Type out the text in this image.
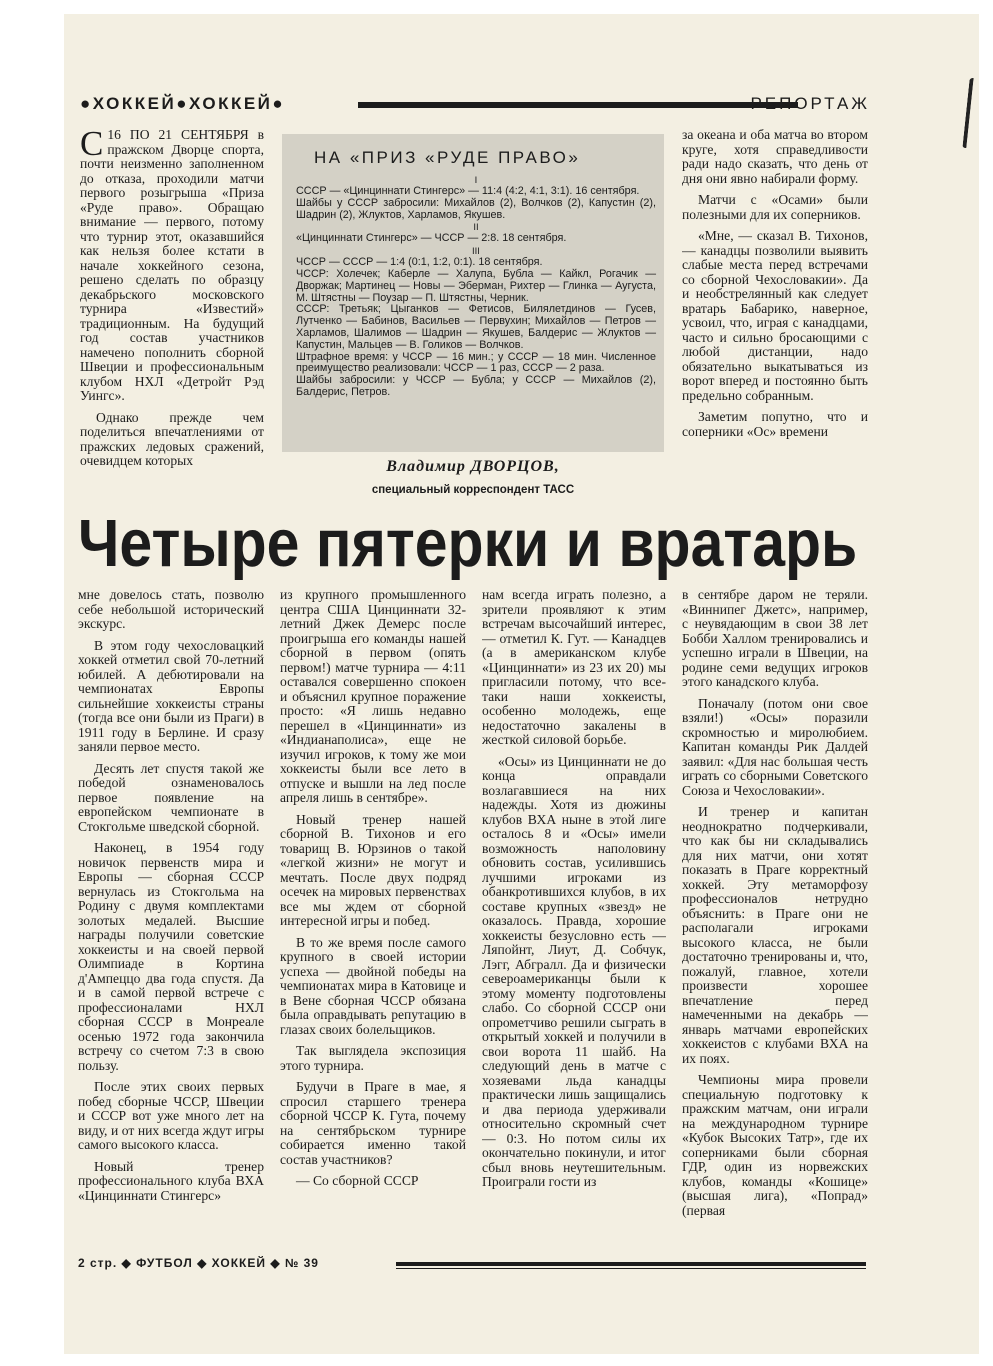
●ХОККЕЙ●ХОККЕЙ●	РЕПОРТАЖ

С 16 ПО 21 СЕНТЯБРЯ в пражском Дворце спорта, почти неизменно заполненном до отказа, проходили матчи первого розыгрыша «Приза «Руде право». Обращаю внимание — первого, потому что турнир этот, оказавшийся как нельзя более кстати в начале хоккейного сезона, решено сделать по образцу декабрьского московского турнира «Известий» традиционным. На будущий год состав участников намечено пополнить сборной Швеции и профессиональным клубом НХЛ «Детройт Рэд Уингс».

Однако прежде чем поделиться впечатлениями от пражских ледовых сражений, очевидцем которых

НА «ПРИЗ «РУДЕ ПРАВО»
I
СССР — «Цинциннати Стингерс» — 11:4 (4:2, 4:1, 3:1). 16 сентября.
Шайбы у СССР забросили: Михайлов (2), Волчков (2), Капустин (2), Шадрин (2), Жлуктов, Харламов, Якушев.
II
«Цинциннати Стингерс» — ЧССР — 2:8. 18 сентября.
III
ЧССР — СССР — 1:4 (0:1, 1:2, 0:1). 18 сентября.
ЧССР: Холечек; Каберле — Халупа, Бубла — Кайкл, Рогачик — Дворжак; Мартинец — Новы — Эберман, Рихтер — Глинка — Аугуста, М. Штястны — Поузар — П. Штястны, Черник.
СССР: Третьяк; Цыганков — Фетисов, Билялетдинов — Гусев, Лутченко — Бабинов, Васильев — Первухин; Михайлов — Петров — Харламов, Шалимов — Шадрин — Якушев, Балдерис — Жлуктов — Капустин, Мальцев — В. Голиков — Волчков.
Штрафное время: у ЧССР — 16 мин.; у СССР — 18 мин. Численное преимущество реализовали: ЧССР — 1 раз, СССР — 2 раза.
Шайбы забросили: у ЧССР — Бубла; у СССР — Михайлов (2), Балдерис, Петров.
Владимир ДВОРЦОВ,
специальный корреспондент ТАСС

за океана и оба матча во втором круге, хотя справедливости ради надо сказать, что день от дня они явно набирали форму.

Матчи с «Осами» были полезными для их соперников.

«Мне, — сказал В. Тихонов, — канадцы позволили выявить слабые места перед встречами со сборной Чехословакии». Да и необстрелянный как следует вратарь Бабарико, наверное, усвоил, что, играя с канадцами, часто и сильно бросающими с любой дистанции, надо обязательно выкатываться из ворот вперед и постоянно быть предельно собранным.

Заметим попутно, что и соперники «Ос» времени

Четыре пятерки и вратарь

мне довелось стать, позволю себе небольшой исторический экскурс.

В этом году чехословацкий хоккей отметил свой 70-летний юбилей. А дебютировали на чемпионатах Европы сильнейшие хоккеисты страны (тогда все они были из Праги) в 1911 году в Берлине. И сразу заняли первое место.

Десять лет спустя такой же победой ознаменовалось первое появление на европейском чемпионате в Стокгольме шведской сборной.

Наконец, в 1954 году новичок первенств мира и Европы — сборная СССР вернулась из Стокгольма на Родину с двумя комплектами золотых медалей. Высшие награды получили советские хоккеисты и на своей первой Олимпиаде в Кортина д'Ампеццо два года спустя. Да и в самой первой встрече с профессионалами НХЛ сборная СССР в Монреале осенью 1972 года закончила встречу со счетом 7:3 в свою пользу.

После этих своих первых побед сборные ЧССР, Швеции и СССР вот уже много лет на виду, и от них всегда ждут игры самого высокого класса.

Новый тренер профессионального клуба ВХА «Цинциннати Стингерс»

из крупного промышленного центра США Цинциннати 32-летний Джек Демерс после проигрыша его команды нашей сборной в первом (опять первом!) матче турнира — 4:11 оставался совершенно спокоен и объяснил крупное поражение просто: «Я лишь недавно перешел в «Цинциннати» из «Индианаполиса», еще не изучил игроков, к тому же мои хоккеисты были все лето в отпуске и вышли на лед после апреля лишь в сентябре».

Новый тренер нашей сборной В. Тихонов и его товарищ В. Юрзинов о такой «легкой жизни» не могут и мечтать. После двух подряд осечек на мировых первенствах все мы ждем от сборной интересной игры и побед.

В то же время после самого крупного в своей истории успеха — двойной победы на чемпионатах мира в Катовице и в Вене сборная ЧССР обязана была оправдывать репутацию в глазах своих болельщиков.

Так выглядела экспозиция этого турнира.

Будучи в Праге в мае, я спросил старшего тренера сборной ЧССР К. Гута, почему на сентябрьском турнире собирается именно такой состав участников?

— Со сборной СССР

нам всегда играть полезно, а зрители проявляют к этим встречам высочайший интерес, — отметил К. Гут. — Канадцев (а в американском клубе «Цинциннати» из 23 их 20) мы пригласили потому, что все-таки наши хоккеисты, особенно молодежь, еще недостаточно закалены в жесткой силовой борьбе.

«Осы» из Цинциннати не до конца оправдали возлагавшиеся на них надежды. Хотя из дюжины клубов ВХА ныне в этой лиге осталось 8 и «Осы» имели возможность наполовину обновить состав, усилившись лучшими игроками из обанкротившихся клубов, в их составе крупных «звезд» не оказалось. Правда, хорошие хоккеисты безусловно есть — Ляпойнт, Лиут, Д. Собчук, Лэгг, Абгралл. Да и физически североамериканцы были к этому моменту подготовлены слабо. Со сборной СССР они опрометчиво решили сыграть в открытый хоккей и получили в свои ворота 11 шайб. На следующий день в матче с хозяевами льда канадцы практически лишь защищались и два периода удерживали относительно скромный счет — 0:3. Но потом силы их окончательно покинули, и итог сбыл вновь неутешительным. Проиграли гости из

в сентябре даром не теряли. «Виннипег Джетс», например, с неувядающим в свои 38 лет Бобби Халлом тренировались и успешно играли в Швеции, на родине семи ведущих игроков этого канадского клуба.

Поначалу (потом они свое взяли!) «Осы» поразили скромностью и миролюбием. Капитан команды Рик Далдей заявил: «Для нас большая честь играть со сборными Советского Союза и Чехословакии».

И тренер и капитан неоднократно подчеркивали, что как бы ни складывались для них матчи, они хотят показать в Праге корректный хоккей. Эту метаморфозу профессионалов нетрудно объяснить: в Праге они не располагали игроками высокого класса, не были достаточно тренированы и, что, пожалуй, главное, хотели произвести хорошее впечатление перед намеченными на декабрь — январь матчами европейских хоккеистов с клубами ВХА на их поях.

Чемпионы мира провели специальную подготовку к пражским матчам, они играли на международном турнире «Кубок Высоких Татр», где их соперниками были сборная ГДР, один из норвежских клубов, команды «Кошице» (высшая лига), «Попрад» (первая

2 стр. ◆ ФУТБОЛ ◆ ХОККЕЙ ◆ № 39
